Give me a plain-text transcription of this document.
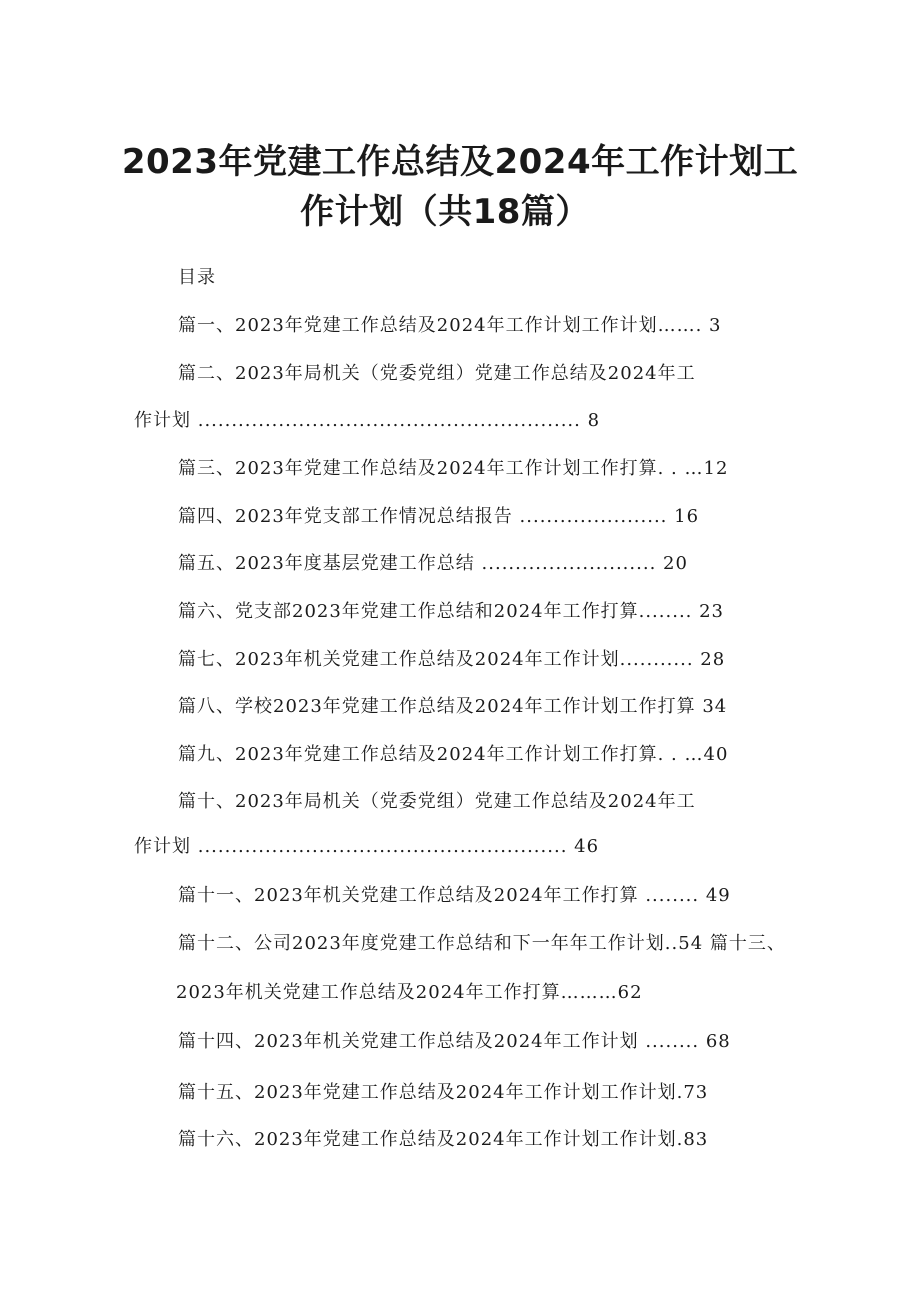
2023年党建工作总结及2024年工作计划工
作计划（共18篇）
目录
篇一、2023年党建工作总结及2024年工作计划工作计划……. 3
篇二、2023年局机关（党委党组）党建工作总结及2024年工
作计划 ......................................................... 8
篇三、2023年党建工作总结及2024年工作计划工作打算. . …12
篇四、2023年党支部工作情况总结报告 ...................... 16
篇五、2023年度基层党建工作总结 .......................... 20
篇六、党支部2023年党建工作总结和2024年工作打算........ 23
篇七、2023年机关党建工作总结及2024年工作计划........... 28
篇八、学校2023年党建工作总结及2024年工作计划工作打算 34
篇九、2023年党建工作总结及2024年工作计划工作打算. . …40
篇十、2023年局机关（党委党组）党建工作总结及2024年工
作计划 ....................................................... 46
篇十一、2023年机关党建工作总结及2024年工作打算 ........ 49
篇十二、公司2023年度党建工作总结和下一年年工作计划..54 篇十三、
2023年机关党建工作总结及2024年工作打算………62
篇十四、2023年机关党建工作总结及2024年工作计划 ........ 68
篇十五、2023年党建工作总结及2024年工作计划工作计划.73
篇十六、2023年党建工作总结及2024年工作计划工作计划.83
